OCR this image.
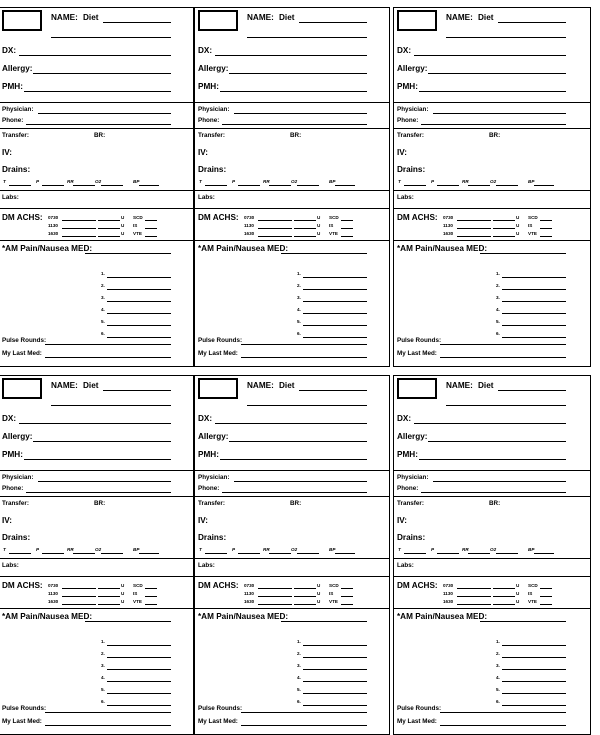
NAME: Diet
DX:
Allergy:
PMH:
Physician:
Phone:
Transfer:	BR:
IV:
Drains:
T	P	RR	O2	BP
Labs:
DM ACHS: 0730	U SCD
1130	U IS
1630	U VTE
*AM Pain/Nausea MED:
1.
2.
3.
4.
5.
6.
Pulse Rounds:
My Last Med:
NAME: Diet
DX:
Allergy:
PMH:
Physician:
Phone:
Transfer:	BR:
IV:
Drains:
T	P	RR	O2	BP
Labs:
DM ACHS: 0730	U SCD
1130	U IS
1630	U VTE
*AM Pain/Nausea MED:
1.
2.
3.
4.
5.
6.
Pulse Rounds:
My Last Med:
NAME: Diet
DX:
Allergy:
PMH:
Physician:
Phone:
Transfer:	BR:
IV:
Drains:
T	P	RR	O2	BP
Labs:
DM ACHS: 0730	U SCD
1130	U IS
1630	U VTE
*AM Pain/Nausea MED:
1.
2.
3.
4.
5.
6.
Pulse Rounds:
My Last Med:
NAME: Diet
DX:
Allergy:
PMH:
Physician:
Phone:
Transfer:	BR:
IV:
Drains:
T	P	RR	O2	BP
Labs:
DM ACHS: 0730	U SCD
1130	U IS
1630	U VTE
*AM Pain/Nausea MED:
1.
2.
3.
4.
5.
6.
Pulse Rounds:
My Last Med:
NAME: Diet
DX:
Allergy:
PMH:
Physician:
Phone:
Transfer:	BR:
IV:
Drains:
T	P	RR	O2	BP
Labs:
DM ACHS: 0730	U SCD
1130	U IS
1630	U VTE
*AM Pain/Nausea MED:
1.
2.
3.
4.
5.
6.
Pulse Rounds:
My Last Med:
NAME: Diet
DX:
Allergy:
PMH:
Physician:
Phone:
Transfer:	BR:
IV:
Drains:
T	P	RR	O2	BP
Labs:
DM ACHS: 0730	U SCD
1130	U IS
1630	U VTE
*AM Pain/Nausea MED:
1.
2.
3.
4.
5.
6.
Pulse Rounds:
My Last Med:
